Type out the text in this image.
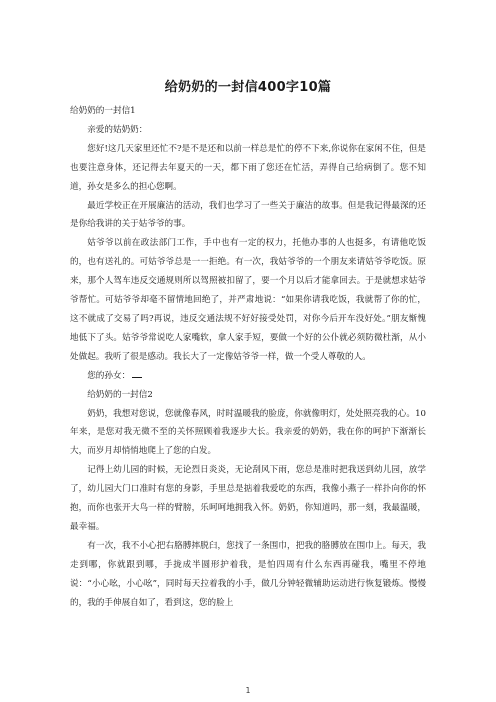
给奶奶的一封信400字10篇

给奶奶的一封信1

亲爱的姑奶奶：

您好!这几天家里还忙不?是不是还和以前一样总是忙的停不下来,你说你在家闲不住，但是也要注意身体，还记得去年夏天的一天，都下雨了您还在忙活，弄得自己给病倒了。您不知道，孙女是多么的担心您啊。

最近学校正在开展廉洁的活动，我们也学习了一些关于廉洁的故事。但是我记得最深的还是你给我讲的关于姑爷爷的事。

姑爷爷以前在政法部门工作，手中也有一定的权力，托他办事的人也挺多，有请他吃饭的，也有送礼的。可姑爷爷总是一一拒绝。有一次，我姑爷爷的一个朋友来请姑爷爷吃饭。原来，那个人驾车违反交通规则所以驾照被扣留了，要一个月以后才能拿回去。于是就想求姑爷爷帮忙。可姑爷爷却毫不留情地回绝了，并严肃地说：“如果你请我吃饭，我就帮了你的忙，这不就成了交易了吗?再说，违反交通法规不好好接受处罚，对你今后开车没好处。”朋友惭愧地低下了头。姑爷爷常说吃人家嘴软，拿人家手短，要做一个好的公仆就必须防微杜渐，从小处做起。我听了很是感动。我长大了一定像姑爷爷一样，做一个受人尊敬的人。

您的孙女：

给奶奶的一封信2

奶奶，我想对您说，您就像春风，时时温暖我的脸庞，你就像明灯，处处照亮我的心。10年来，是您对我无微不至的关怀照顾着我逐步大长。我亲爱的奶奶，我在你的呵护下渐渐长大，而岁月却悄悄地爬上了您的白发。

记得上幼儿园的时候，无论烈日炎炎，无论刮风下雨，您总是准时把我送到幼儿园，放学了，幼儿园大门口准时有您的身影，手里总是掂着我爱吃的东西，我像小燕子一样扑向你的怀抱，而你也张开大鸟一样的臂膀，乐呵呵地拥我入怀。奶奶，你知道吗，那一刻，我最温暖，最幸福。

有一次，我不小心把右胳膊摔脱臼，您找了一条围巾，把我的胳膊放在围巾上。每天，我走到哪，你就跟到哪，手拢成半圆形护着我，是怕四周有什么东西再碰我，嘴里不停地说：“小心吆，小心吆”，同时每天拉着我的小手，做几分钟轻微辅助运动进行恢复锻炼。慢慢的，我的手伸展自如了，看到这，您的脸上

1
